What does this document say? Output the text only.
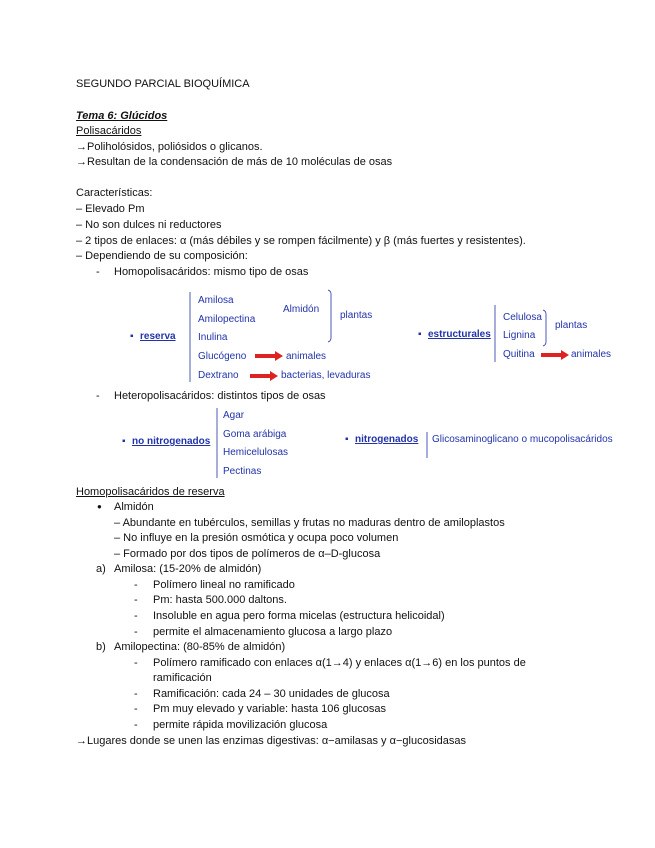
SEGUNDO PARCIAL BIOQUÍMICA
Tema 6: Glúcidos
Polisacáridos
→Poliholósidos, poliósidos o glicanos.
→Resultan de la condensación de más de 10 moléculas de osas
Características:
– Elevado Pm
– No son dulces ni reductores
– 2 tipos de enlaces: α (más débiles y se rompen fácilmente) y β (más fuertes y resistentes).
– Dependiendo de su composición:
- Homopolisacáridos: mismo tipo de osas
▪ reserva
Amilosa
Amilopectina
Inulina
Almidón
plantas
Glucógeno	animales
Dextrano	bacterias, levaduras
▪ estructurales
Celulosa
Lignina
plantas
Quitina	animales
- Heteropolisacáridos: distintos tipos de osas
▪ no nitrogenados
Agar
Goma arábiga
Hemicelulosas
Pectinas
▪ nitrogenados Glicosaminoglicano o mucopolisacáridos
Homopolisacáridos de reserva
● Almidón
– Abundante en tubérculos, semillas y frutas no maduras dentro de amiloplastos
– No influye en la presión osmótica y ocupa poco volumen
– Formado por dos tipos de polímeros de α–D-glucosa
a) Amilosa: (15-20% de almidón)
- Polímero lineal no ramificado
- Pm: hasta 500.000 daltons.
- Insoluble en agua pero forma micelas (estructura helicoidal)
- permite el almacenamiento glucosa a largo plazo
b) Amilopectina: (80-85% de almidón)
- Polímero ramificado con enlaces α(1→4) y enlaces α(1→6) en los puntos de
ramificación
- Ramificación: cada 24 – 30 unidades de glucosa
- Pm muy elevado y variable: hasta 106 glucosas
- permite rápida movilización glucosa
→Lugares donde se unen las enzimas digestivas: α−amilasas y α−glucosidasas
